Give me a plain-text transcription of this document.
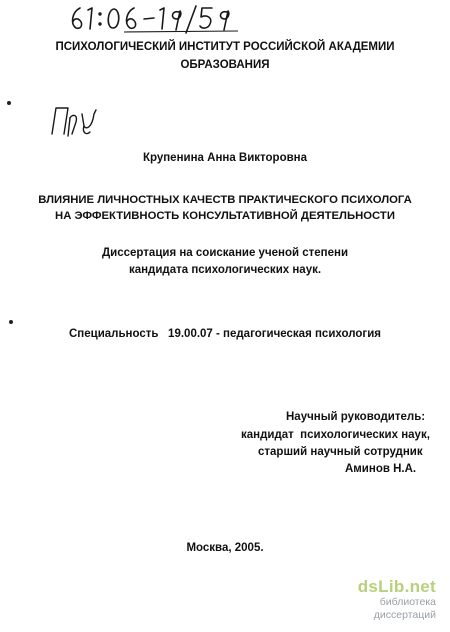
ПСИХОЛОГИЧЕСКИЙ ИНСТИТУТ РОССИЙСКОЙ АКАДЕМИИ
ОБРАЗОВАНИЯ
Крупенина Анна Викторовна
ВЛИЯНИЕ ЛИЧНОСТНЫХ КАЧЕСТВ ПРАКТИЧЕСКОГО ПСИХОЛОГА
НА ЭФФЕКТИВНОСТЬ КОНСУЛЬТАТИВНОЙ ДЕЯТЕЛЬНОСТИ
Диссертация на соискание ученой степени
кандидата психологических наук.
Специальность   19.00.07 - педагогическая психология
Научный руководитель:
кандидат  психологических наук,
старший научный сотрудник
Аминов Н.А.
Москва, 2005.
dsLib.net
библиотека диссертаций
